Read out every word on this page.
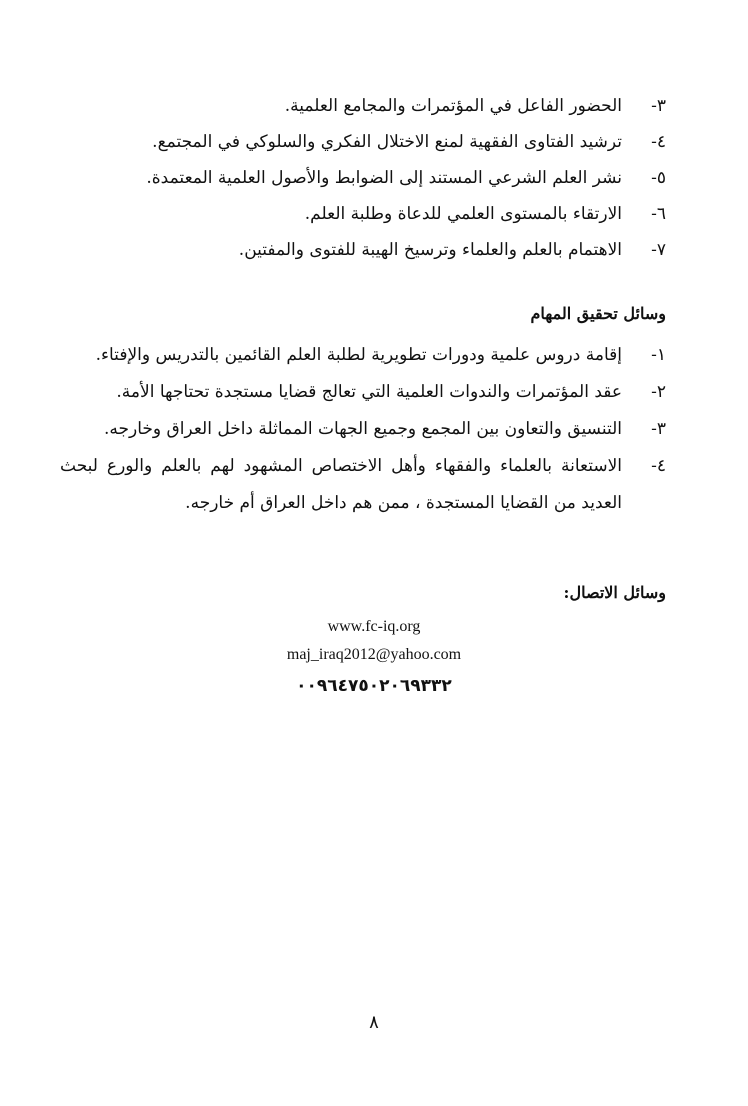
٣-
الحضور الفاعل في المؤتمرات والمجامع العلمية.
٤-
ترشيد الفتاوى الفقهية لمنع الاختلال الفكري والسلوكي في المجتمع.
٥-
نشر العلم الشرعي المستند إلى الضوابط والأصول العلمية المعتمدة.
٦-
الارتقاء بالمستوى العلمي للدعاة وطلبة العلم.
٧-
الاهتمام بالعلم والعلماء وترسيخ الهيبة للفتوى والمفتين.
وسائل تحقيق المهام
١-
إقامة دروس علمية ودورات تطويرية لطلبة العلم القائمين بالتدريس والإفتاء.
٢-
عقد المؤتمرات والندوات العلمية التي تعالج قضايا مستجدة تحتاجها الأمة.
٣-
التنسيق والتعاون بين المجمع وجميع الجهات المماثلة داخل العراق وخارجه.
٤-
الاستعانة بالعلماء والفقهاء وأهل الاختصاص المشهود لهم بالعلم والورع لبحث العديد من القضايا المستجدة ، ممن هم داخل العراق أم خارجه.
وسائل الاتصال:
www.fc-iq.org
maj_iraq2012@yahoo.com
٠٠٩٦٤٧٥٠٢٠٦٩٣٣٢
٨
